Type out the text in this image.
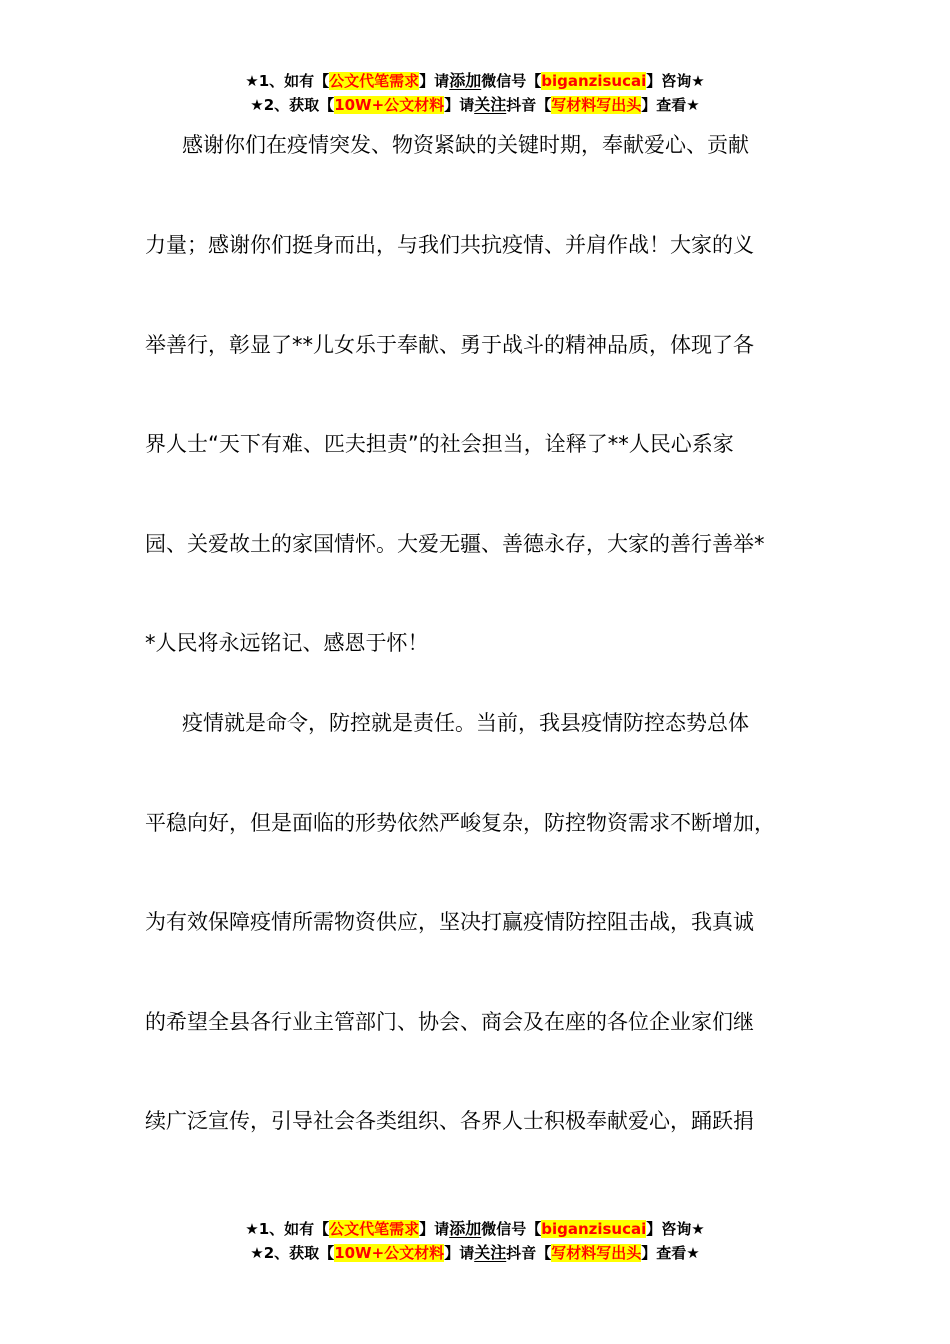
★1、如有【公文代笔需求】请添加微信号【biganzisucai】咨询★
★2、获取【10W+公文材料】请关注抖音【写材料写出头】查看★
感谢你们在疫情突发、物资紧缺的关键时期，奉献爱心、贡献
力量；感谢你们挺身而出，与我们共抗疫情、并肩作战！大家的义
举善行，彰显了**儿女乐于奉献、勇于战斗的精神品质，体现了各
界人士“天下有难、匹夫担责”的社会担当，诠释了**人民心系家
园、关爱故土的家国情怀。大爱无疆、善德永存，大家的善行善举*
*人民将永远铭记、感恩于怀！
疫情就是命令，防控就是责任。当前，我县疫情防控态势总体
平稳向好，但是面临的形势依然严峻复杂，防控物资需求不断增加，
为有效保障疫情所需物资供应，坚决打赢疫情防控阻击战，我真诚
的希望全县各行业主管部门、协会、商会及在座的各位企业家们继
续广泛宣传，引导社会各类组织、各界人士积极奉献爱心，踊跃捐
★1、如有【公文代笔需求】请添加微信号【biganzisucai】咨询★
★2、获取【10W+公文材料】请关注抖音【写材料写出头】查看★
